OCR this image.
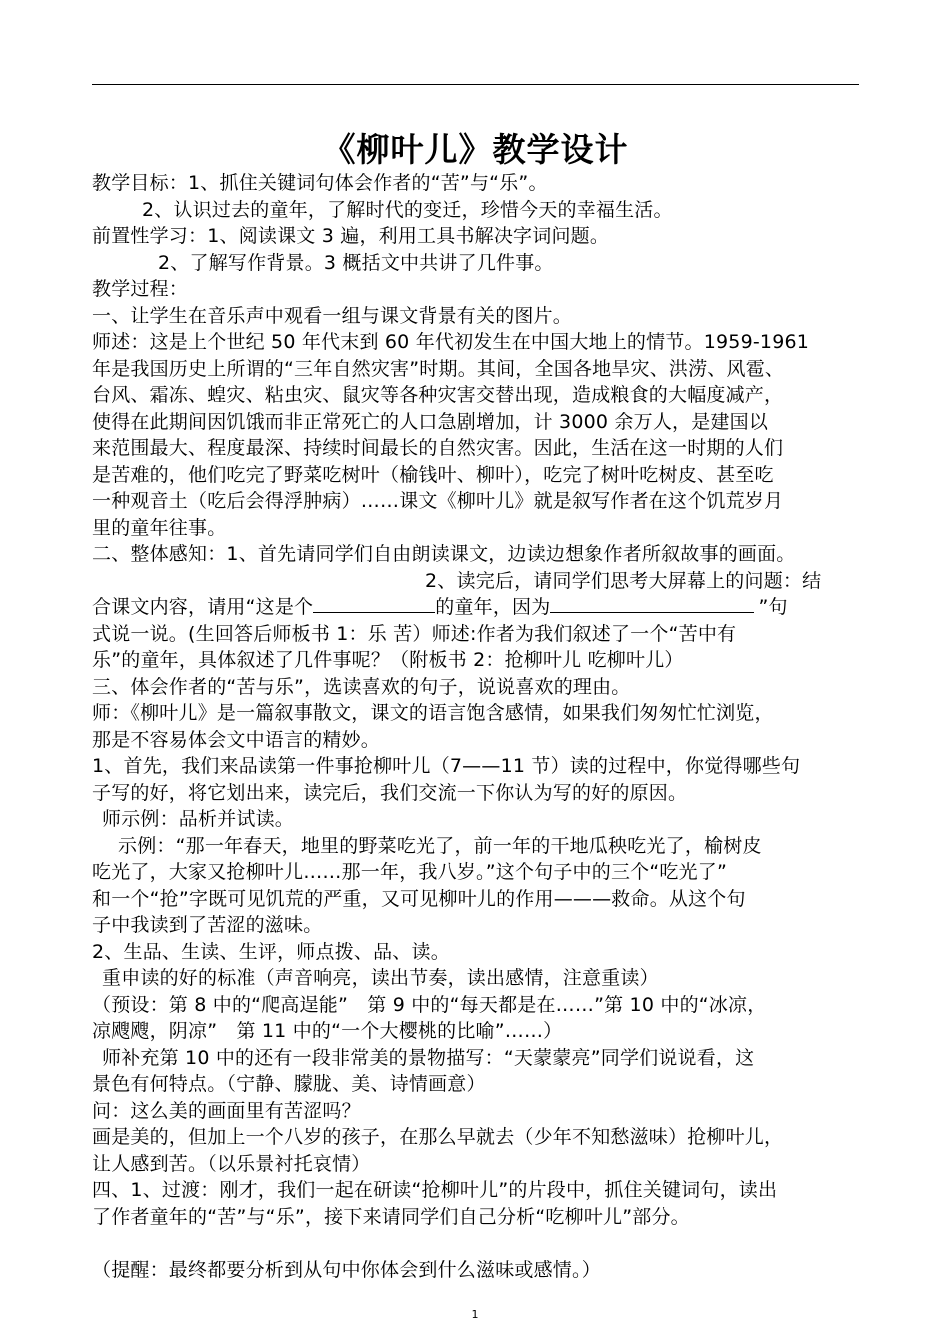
《柳叶儿》教学设计
教学目标：1、抓住关键词句体会作者的“苦”与“乐”。
2、认识过去的童年，了解时代的变迁，珍惜今天的幸福生活。
前置性学习：1、阅读课文 3 遍，利用工具书解决字词问题。
2、了解写作背景。3 概括文中共讲了几件事。
教学过程：
一、让学生在音乐声中观看一组与课文背景有关的图片。
师述：这是上个世纪 50 年代末到 60 年代初发生在中国大地上的情节。1959-1961
年是我国历史上所谓的“三年自然灾害”时期。其间，全国各地旱灾、洪涝、风雹、
台风、霜冻、蝗灾、粘虫灾、鼠灾等各种灾害交替出现，造成粮食的大幅度减产，
使得在此期间因饥饿而非正常死亡的人口急剧增加，计 3000 余万人，是建国以
来范围最大、程度最深、持续时间最长的自然灾害。因此，生活在这一时期的人们
是苦难的，他们吃完了野菜吃树叶（榆钱叶、柳叶），吃完了树叶吃树皮、甚至吃
一种观音土（吃后会得浮肿病）……课文《柳叶儿》就是叙写作者在这个饥荒岁月
里的童年往事。
二、整体感知：1、首先请同学们自由朗读课文，边读边想象作者所叙故事的画面。
2、读完后，请同学们思考大屏幕上的问题：结
合课文内容，请用“这是个	的童年，因为	”句
式说一说。(生回答后师板书 1：乐 苦）师述:作者为我们叙述了一个“苦中有
乐”的童年，具体叙述了几件事呢？（附板书 2：抢柳叶儿 吃柳叶儿）
三、体会作者的“苦与乐”，选读喜欢的句子，说说喜欢的理由。
师：《柳叶儿》是一篇叙事散文，课文的语言饱含感情，如果我们匆匆忙忙浏览，
那是不容易体会文中语言的精妙。
1、首先，我们来品读第一件事抢柳叶儿（7——11 节）读的过程中，你觉得哪些句
子写的好，将它划出来，读完后，我们交流一下你认为写的好的原因。
师示例：品析并试读。
示例：“那一年春天，地里的野菜吃光了，前一年的干地瓜秧吃光了，榆树皮
吃光了，大家又抢柳叶儿……那一年，我八岁。”这个句子中的三个“吃光了”
和一个“抢”字既可见饥荒的严重，又可见柳叶儿的作用———救命。从这个句
子中我读到了苦涩的滋味。
2、生品、生读、生评，师点拨、品、读。
重申读的好的标准（声音响亮，读出节奏，读出感情，注意重读）
（预设：第 8 中的“爬高逞能”　第 9 中的“每天都是在……”第 10 中的“冰凉，
凉飕飕，阴凉”　第 11 中的“一个大樱桃的比喻”……）
师补充第 10 中的还有一段非常美的景物描写：“天蒙蒙亮”同学们说说看，这
景色有何特点。（宁静、朦胧、美、诗情画意）
问：这么美的画面里有苦涩吗？
画是美的，但加上一个八岁的孩子，在那么早就去（少年不知愁滋味）抢柳叶儿，
让人感到苦。（以乐景衬托哀情）
四、1、过渡：刚才，我们一起在研读“抢柳叶儿”的片段中，抓住关键词句，读出
了作者童年的“苦”与“乐”，接下来请同学们自己分析“吃柳叶儿”部分。
（提醒：最终都要分析到从句中你体会到什么滋味或感情。）
1
